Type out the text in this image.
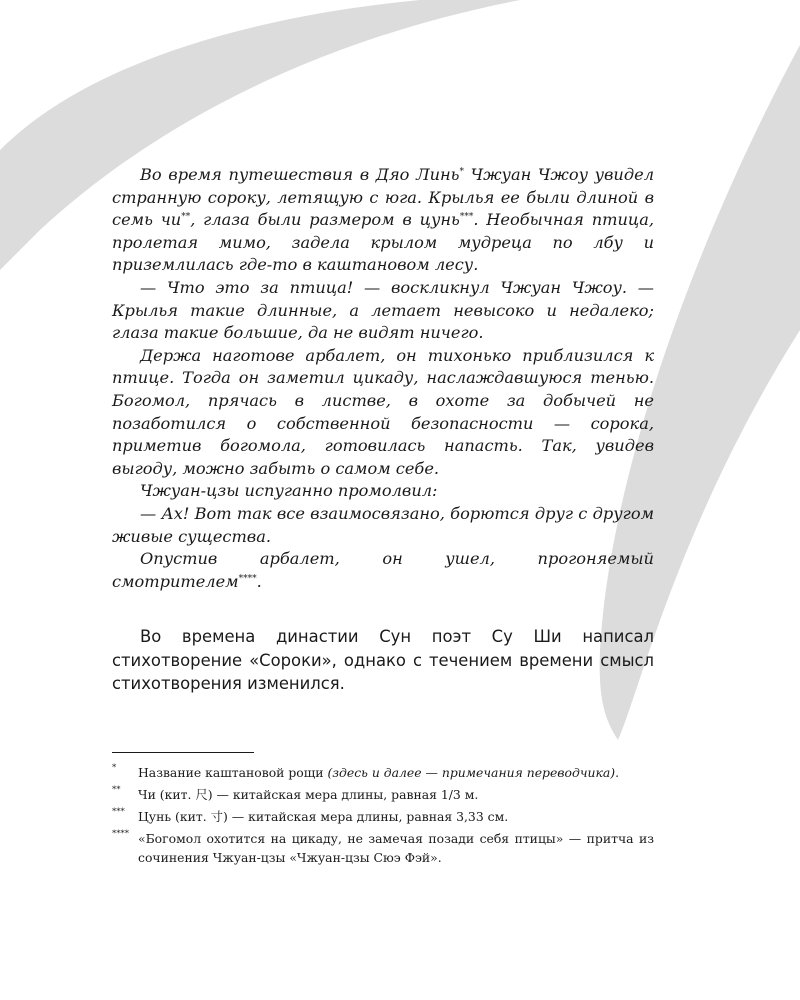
Во время путешествия в Дяо Линь* Чжуан Чжоу увидел странную сороку, летящую с юга. Крылья ее были длиной в семь чи**, глаза были размером в цунь***. Необычная птица, пролетая мимо, задела крылом мудреца по лбу и приземлилась где-то в каштановом лесу.

— Что это за птица! — воскликнул Чжуан Чжоу. — Крылья такие длинные, а летает невысоко и недалеко; глаза такие большие, да не видят ничего.

Держа наготове арбалет, он тихонько приблизился к птице. Тогда он заметил цикаду, наслаждавшуюся тенью. Богомол, прячась в листве, в охоте за добычей не позаботился о собственной безопасности — сорока, приметив богомола, готовилась напасть. Так, увидев выгоду, можно забыть о самом себе.

Чжуан-цзы испуганно промолвил:

— Ах! Вот так все взаимосвязано, борются друг с другом живые существа.

Опустив арбалет, он ушел, прогоняемый смотрителем****.

Во времена династии Сун поэт Су Ши написал стихотворение «Сороки», однако с течением времени смысл стихотворения изменился.

*	Название каштановой рощи (здесь и далее — примечания переводчика).

**	Чи (кит. 尺) — китайская мера длины, равная 1/3 м.

***	Цунь (кит. 寸) — китайская мера длины, равная 3,33 см.

**** «Богомол охотится на цикаду, не замечая позади себя птицы» — притча из сочинения Чжуан-цзы «Чжуан-цзы Сюэ Фэй».
